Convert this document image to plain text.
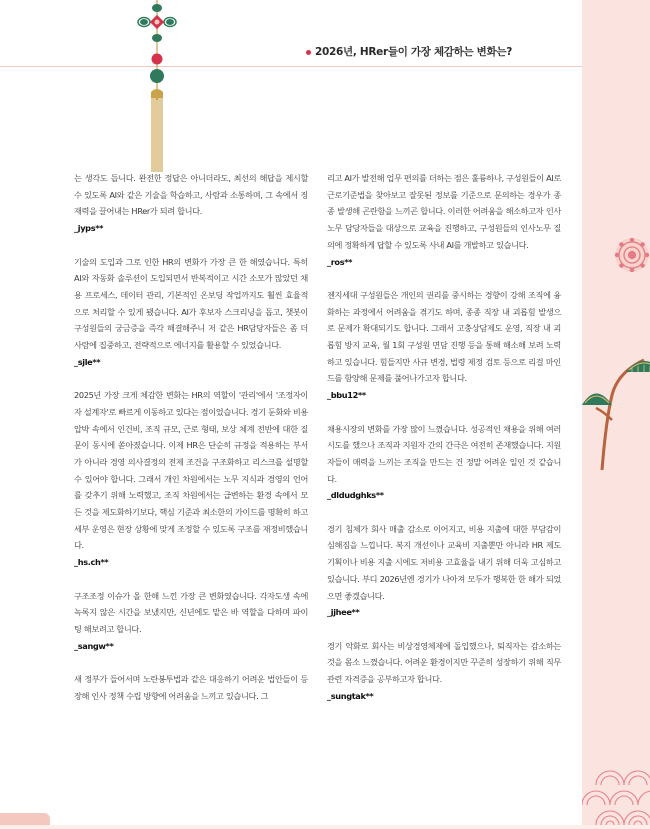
2026년, HRer들이 가장 체감하는 변화는?

는 생각도 듭니다. 완전한 정답은 아니더라도, 최선의 해답을 제시할 수 있도록 AI와 같은 기술을 학습하고, 사람과 소통하며, 그 속에서 징재력을 끌어내는 HRer가 되려 합니다.

_jyps**

기술의 도입과 그로 인한 HR의 변화가 가장 큰 한 해였습니다. 특히 AI와 자동화 솔루션이 도입되면서 반복적이고 시간 소모가 많았던 채용 프로세스, 데이터 관리, 기본적인 온보딩 작업까지도 훨씬 효율적으로 처리할 수 있게 됐습니다. AI가 후보자 스크리닝을 돕고, 챗봇이 구성원들의 궁금증을 즉각 해결해주니 저 같은 HR담당자들은 좀 더 사람에 집중하고, 전략적으로 에너지를 활용할 수 있었습니다.

_sjle**

2025년 가장 크게 체감한 변화는 HR의 역할이 '관리'에서 '조정자이자 설계자'로 빠르게 이동하고 있다는 점이었습니다. 경기 둔화와 비용 압박 속에서 인건비, 조직 규모, 근로 형태, 보상 체계 전반에 대한 질문이 동시에 쏟아졌습니다. 이제 HR은 단순히 규정을 적용하는 부서가 아니라 경영 의사결정의 전제 조건을 구조화하고 리스크를 설명할 수 있어야 합니다. 그래서 개인 차원에서는 노무 지식과 경영의 언어를 갖추기 위해 노력했고, 조직 차원에서는 급변하는 환경 속에서 모든 것을 제도화하기보다, 핵심 기준과 최소한의 가이드를 명확히 하고 세부 운영은 현장 상황에 맞게 조정할 수 있도록 구조를 재정비했습니다.

_hs.ch**

구조조정 이슈가 올 한해 느낀 가장 큰 변화였습니다. 각자도생 속에 녹록지 않은 시간을 보냈지만, 신년에도 맡은 바 역할을 다하며 파이팅 해보려고 합니다.

_sangw**

새 정부가 들어서며 노란봉투법과 같은 대응하기 어려운 법안들이 등장해 인사 정책 수립 방향에 어려움을 느끼고 있습니다. 그

리고 AI가 발전해 업무 편의를 더하는 점은 훌륭하나, 구성원들이 AI로 근로기준법을 찾아보고 잘못된 정보를 기준으로 문의하는 경우가 종종 발생해 곤란함을 느끼곤 합니다. 이러한 어려움을 해소하고자 인사노무 담당자들을 대상으로 교육을 진행하고, 구성원들의 인사노무 질의에 정확하게 답할 수 있도록 사내 AI를 개발하고 있습니다.

_ros**

젠지세대 구성원들은 개인의 권리를 중시하는 경향이 강해 조직에 융화하는 과정에서 어려움을 겪기도 하며, 종종 직장 내 괴롭힘 발생으로 문제가 확대되기도 합니다. 그래서 고충상담제도 운영, 직장 내 괴롭힘 방지 교육, 월 1회 구성원 면담 진행 등을 통해 해소해 보려 노력하고 있습니다. 힘들지만 사규 변경, 법령 제정 검토 등으로 리걸 마인드를 함양해 문제를 풀어나가고자 합니다.

_bbu12**

채용시장의 변화를 가장 많이 느꼈습니다. 성공적인 채용을 위해 여러 시도를 했으나 조직과 지원자 간의 간극은 여전히 존재했습니다. 지원자들이 매력을 느끼는 조직을 만드는 건 정말 어려운 일인 것 같습니다.

_dldudghks**

경기 침체가 회사 매출 감소로 이어지고, 비용 지출에 대한 부담감이 심해짐을 느낍니다. 복지 개선이나 교육비 지출뿐만 아니라 HR 제도 기획이나 비용 지출 시에도 저비용 고효율을 내기 위해 더욱 고심하고 있습니다. 부디 2026년엔 경기가 나아져 모두가 행복한 한 해가 되었으면 좋겠습니다.

_jjhee**

경기 악화로 회사는 비상경영체제에 돌입했으나, 퇴직자는 감소하는 것을 몸소 느꼈습니다. 어려운 환경이지만 꾸준히 성장하기 위해 직무 관련 자격증을 공부하고자 합니다.

_sungtak**
